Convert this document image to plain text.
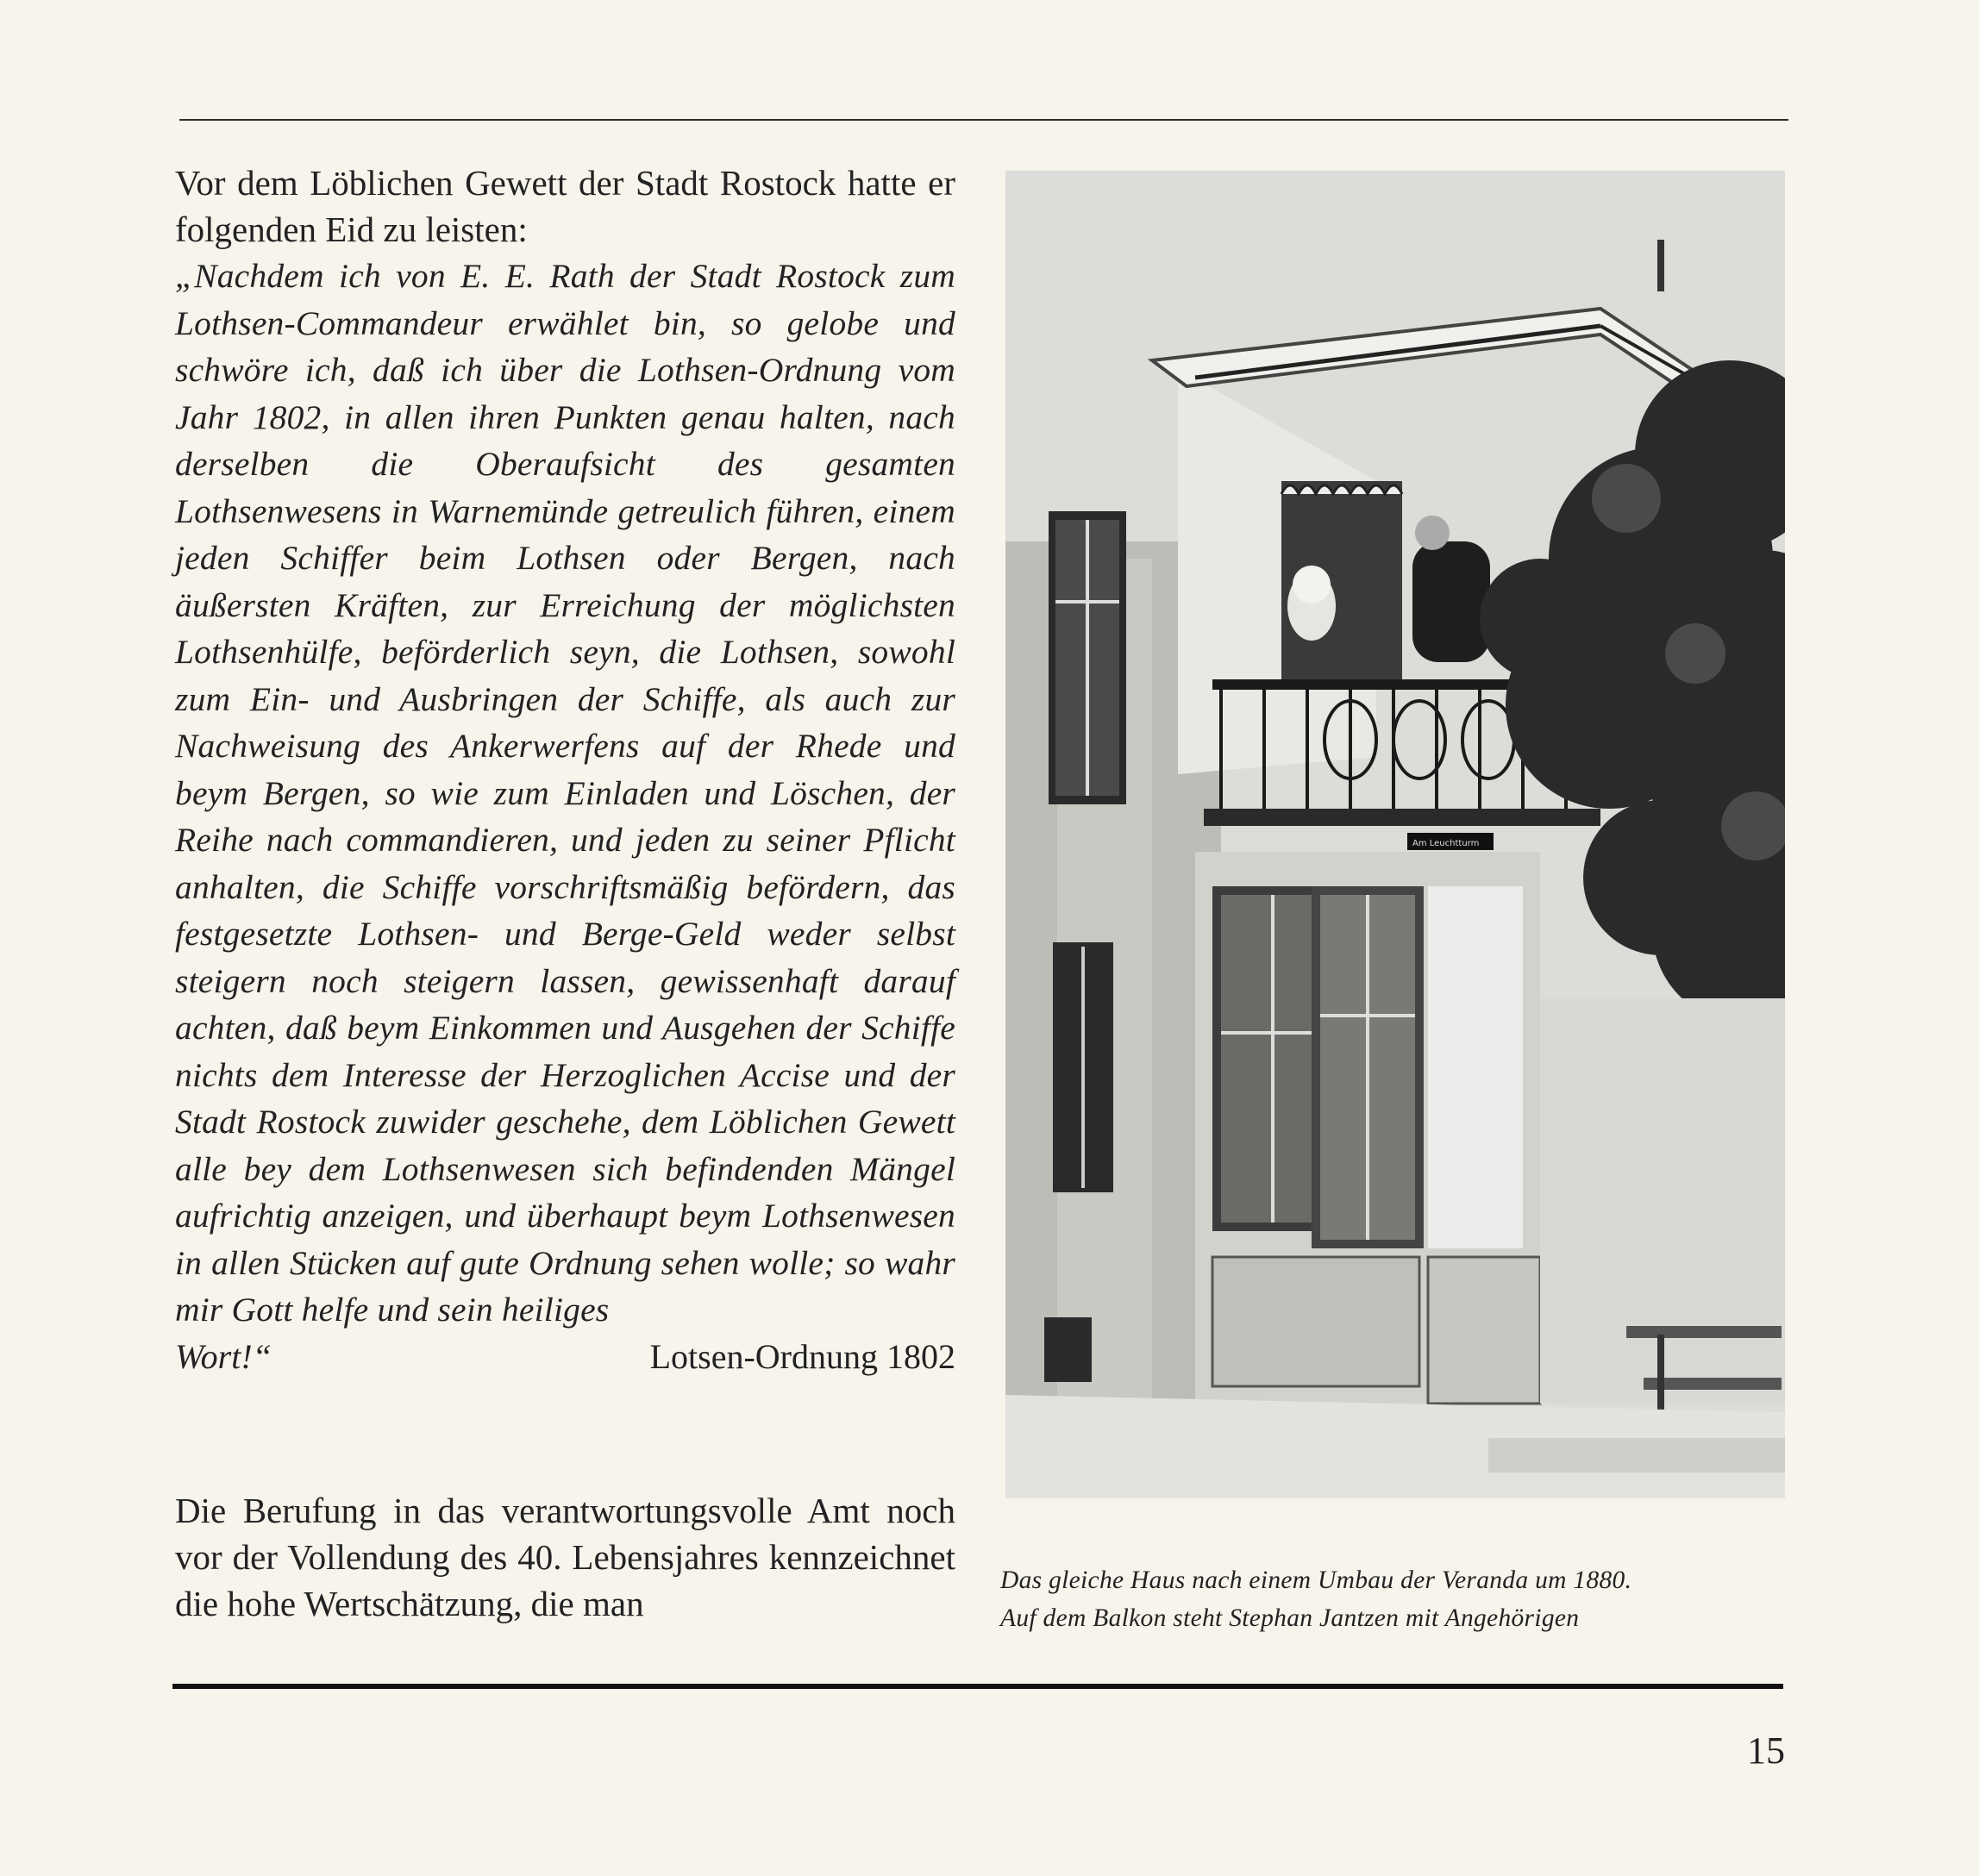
Vor dem Löblichen Gewett der Stadt Rostock hatte er folgenden Eid zu leisten:

„Nachdem ich von E. E. Rath der Stadt Rostock zum Lothsen-Commandeur erwählet bin, so gelobe und schwöre ich, daß ich über die Lothsen-Ordnung vom Jahr 1802, in allen ihren Punkten genau halten, nach derselben die Oberaufsicht des gesamten Lothsenwesens in Warnemünde getreulich führen, einem jeden Schiffer beim Lothsen oder Bergen, nach äußersten Kräften, zur Erreichung der möglichsten Lothsenhülfe, beförderlich seyn, die Lothsen, sowohl zum Ein- und Ausbringen der Schiffe, als auch zur Nachweisung des Ankerwerfens auf der Rhede und beym Bergen, so wie zum Einladen und Löschen, der Reihe nach commandieren, und jeden zu seiner Pflicht anhalten, die Schiffe vorschriftsmäßig befördern, das festgesetzte Lothsen- und Berge-Geld weder selbst steigern noch steigern lassen, gewissenhaft darauf achten, daß beym Einkommen und Ausgehen der Schiffe nichts dem Interesse der Herzoglichen Accise und der Stadt Rostock zuwider geschehe, dem Löblichen Gewett alle bey dem Lothsenwesen sich befindenden Mängel aufrichtig anzeigen, und überhaupt beym Lothsenwesen in allen Stücken auf gute Ordnung sehen wolle; so wahr mir Gott helfe und sein heiliges

Wort!“	Lotsen-Ordnung 1802

Die Berufung in das verantwortungsvolle Amt noch vor der Vollendung des 40. Lebensjahres kennzeichnet die hohe Wertschätzung, die man

Am Leuchtturm
Das gleiche Haus nach einem Umbau der Veranda um 1880.
Auf dem Balkon steht Stephan Jantzen mit Angehörigen
15
